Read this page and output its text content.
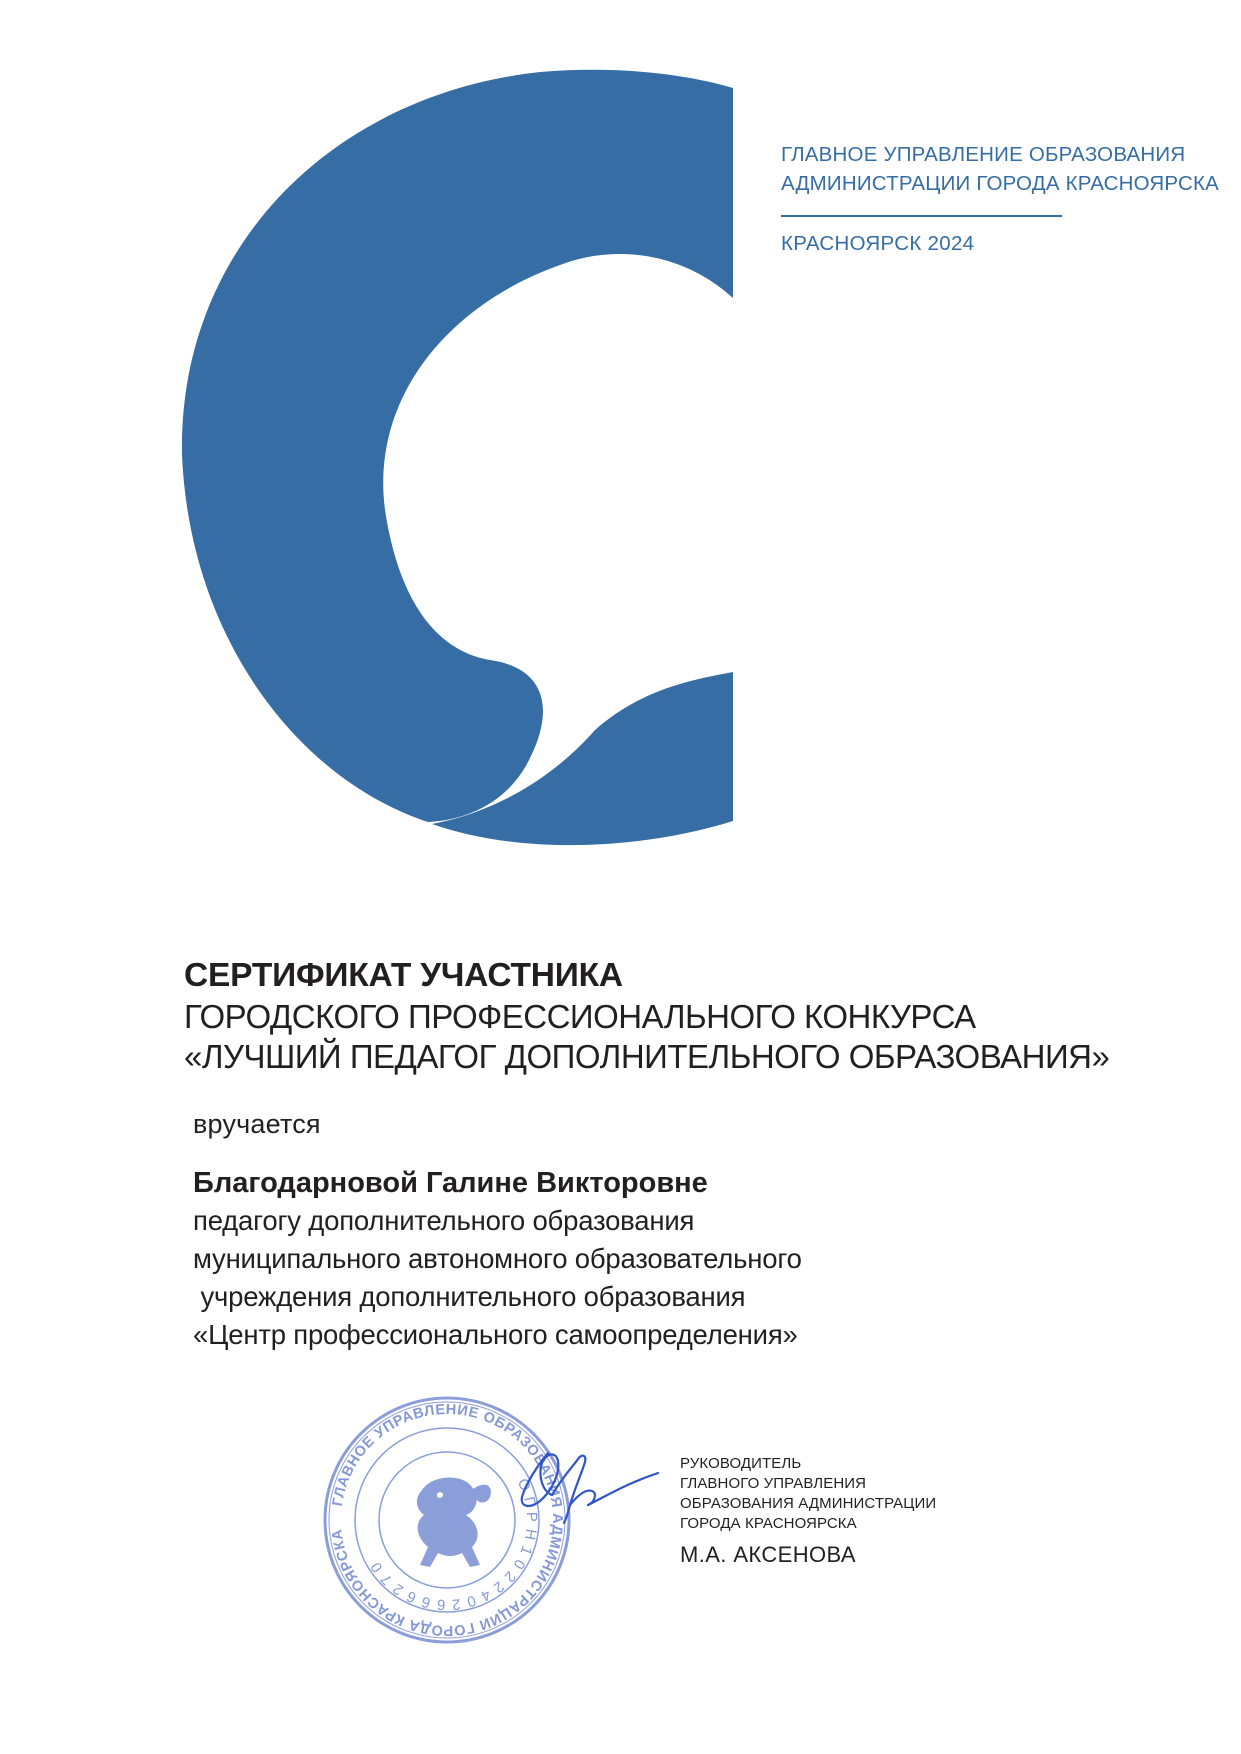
ГЛАВНОЕ УПРАВЛЕНИЕ ОБРАЗОВАНИЯ
АДМИНИСТРАЦИИ ГОРОДА КРАСНОЯРСКА
КРАСНОЯРСК 2024
СЕРТИФИКАТ УЧАСТНИКА
ГОРОДСКОГО ПРОФЕССИОНАЛЬНОГО КОНКУРСА
«ЛУЧШИЙ ПЕДАГОГ ДОПОЛНИТЕЛЬНОГО ОБРАЗОВАНИЯ»
вручается
Благодарновой Галине Викторовне
педагогу дополнительного образования
муниципального автономного образовательного
учреждения дополнительного образования
«Центр профессионального самоопределения»
ГЛАВНОЕ УПРАВЛЕНИЕ ОБРАЗОВАНИЯ АДМИНИСТРАЦИИ ГОРОДА КРАСНОЯРСКА
О Г Р Н 1 0 2 2 4 0 2 6 6 6 2 7 0
РУКОВОДИТЕЛЬ
ГЛАВНОГО УПРАВЛЕНИЯ
ОБРАЗОВАНИЯ АДМИНИСТРАЦИИ
ГОРОДА КРАСНОЯРСКА
М.А. АКСЕНОВА
